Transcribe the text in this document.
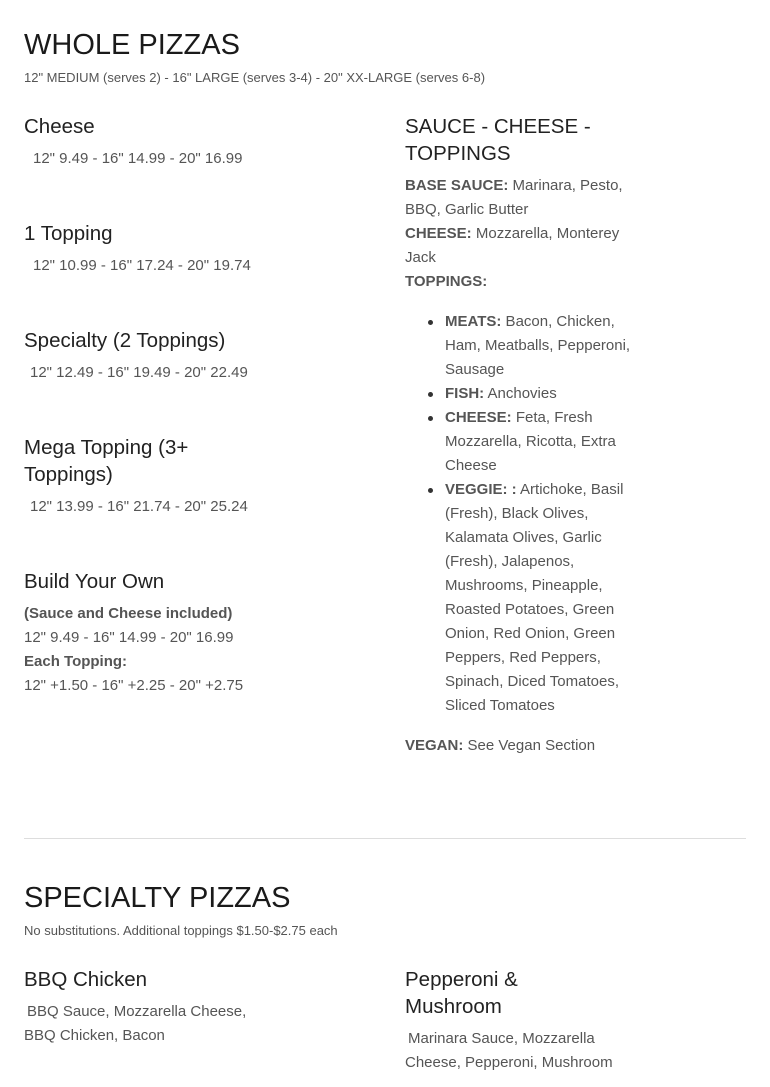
WHOLE PIZZAS
12" MEDIUM (serves 2) - 16" LARGE (serves 3-4) - 20" XX-LARGE (serves 6-8)
Cheese
12" 9.49 - 16" 14.99 - 20" 16.99
1 Topping
12" 10.99 - 16" 17.24 - 20" 19.74
Specialty (2 Toppings)
12" 12.49 - 16" 19.49 - 20" 22.49
Mega Topping (3+ Toppings)
12" 13.99 - 16" 21.74 - 20" 25.24
Build Your Own
(Sauce and Cheese included)
12" 9.49 - 16" 14.99 - 20" 16.99
Each Topping:
12" +1.50 - 16" +2.25 - 20" +2.75
SAUCE - CHEESE - TOPPINGS
BASE SAUCE: Marinara, Pesto, BBQ, Garlic Butter
CHEESE: Mozzarella, Monterey Jack
TOPPINGS:
MEATS: Bacon, Chicken, Ham, Meatballs, Pepperoni, Sausage
FISH: Anchovies
CHEESE: Feta, Fresh Mozzarella, Ricotta, Extra Cheese
VEGGIE: : Artichoke, Basil (Fresh), Black Olives, Kalamata Olives, Garlic (Fresh), Jalapenos, Mushrooms, Pineapple, Roasted Potatoes, Green Onion, Red Onion, Green Peppers, Red Peppers, Spinach, Diced Tomatoes, Sliced Tomatoes
VEGAN: See Vegan Section
SPECIALTY PIZZAS
No substitutions. Additional toppings $1.50-$2.75 each
BBQ Chicken
BBQ Sauce, Mozzarella Cheese, BBQ Chicken, Bacon
Pepperoni & Mushroom
Marinara Sauce, Mozzarella Cheese, Pepperoni, Mushroom
